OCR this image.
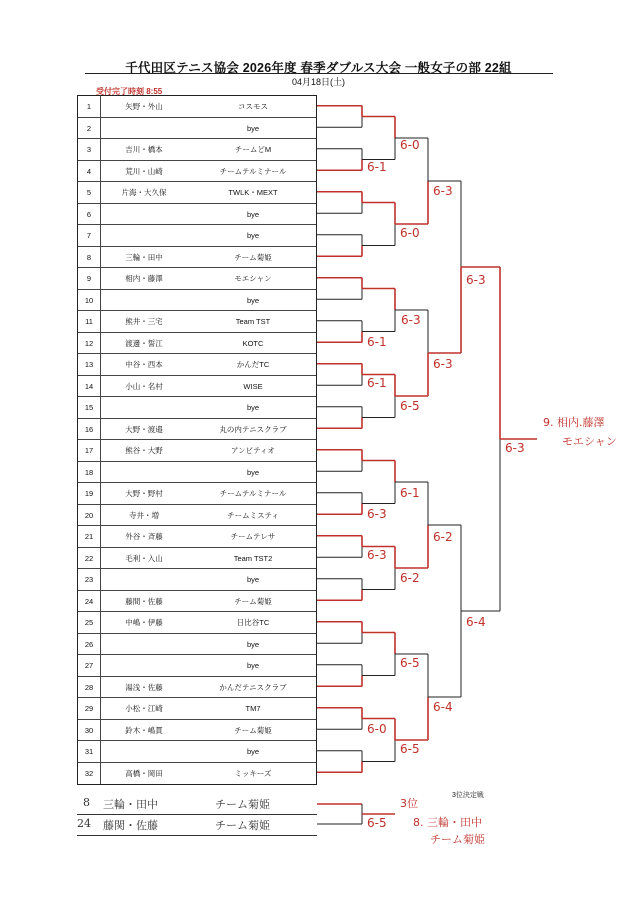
千代田区テニス協会 2026年度 春季ダブルス大会 一般女子の部 22組
04月18日(土)
受付完了時刻 8:55
1	矢野・外山	コスモス
2	bye
3	吉川・橋本	チームどM
4	荒川・山崎	チームテルミナール
5	片海・大久保	TWLK・MEXT
6	bye
7	bye
8	三輪・田中	チーム菊姫
9	相内・藤澤	モエシャン
10	bye
11	熊井・三宅	Team TST
12	渡邊・誓江	KOTC
13	中谷・西本	かんだTC
14	小山・名村	WISE
15	bye
16	大野・渡邉	丸の内テニスクラブ
17	熊谷・大野	アンビティオ
18	bye
19	大野・野村	チームテルミナール
20	寺井・増	チームミスティ
21	外谷・斉藤	チームテレサ
22	毛利・入山	Team TST2
23	bye
24	藤間・佐藤	チーム菊姫
25	中嶋・伊藤	日比谷TC
26	bye
27	bye
28	湯浅・佐藤	かんだテニスクラブ
29	小松・江崎	TM7
30	鈴木・嶋貫	チーム菊姫
31	bye
32	高橋・岡田	ミッキーズ
6-0
6-1
6-0
6-3
6-1
6-1
6-5
6-1
6-3
6-3
6-2
6-5
6-0
6-5
6-3
6-3
6-2
6-4
6-3
6-4
6-3
9. 相内.藤澤
モエシャン
8 三輪・田中	チーム菊姫
24 藤関・佐藤	チーム菊姫
3位決定戦
3位
6-5 8. 三輪・田中
チーム菊姫
